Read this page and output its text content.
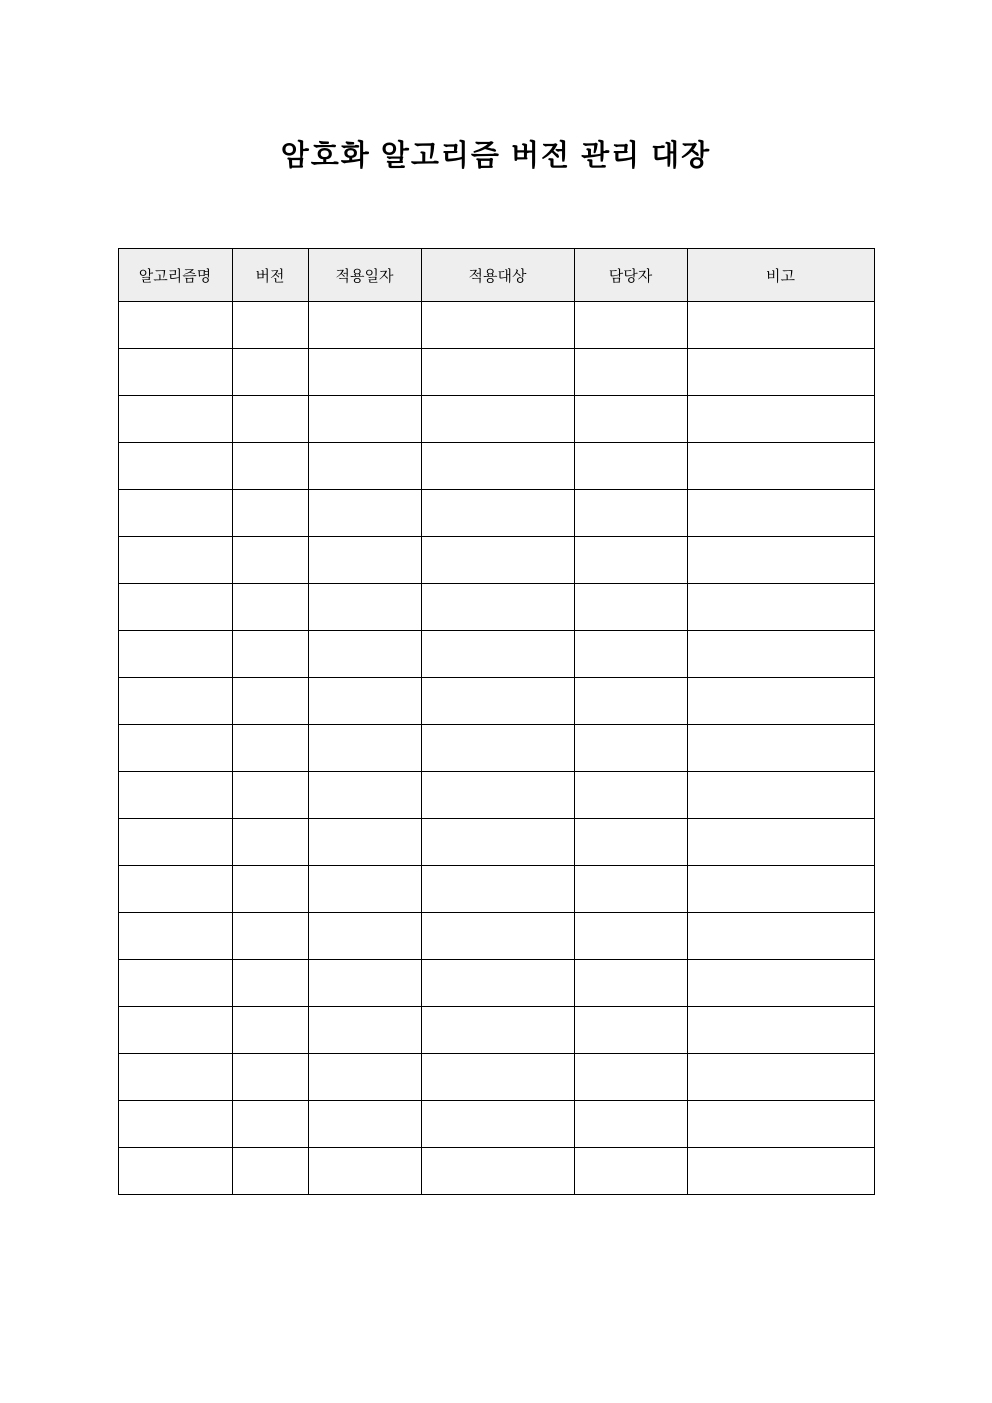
암호화 알고리즘 버전 관리 대장
알고리즘명	버전	적용일자	적용대상	담당자	비고
